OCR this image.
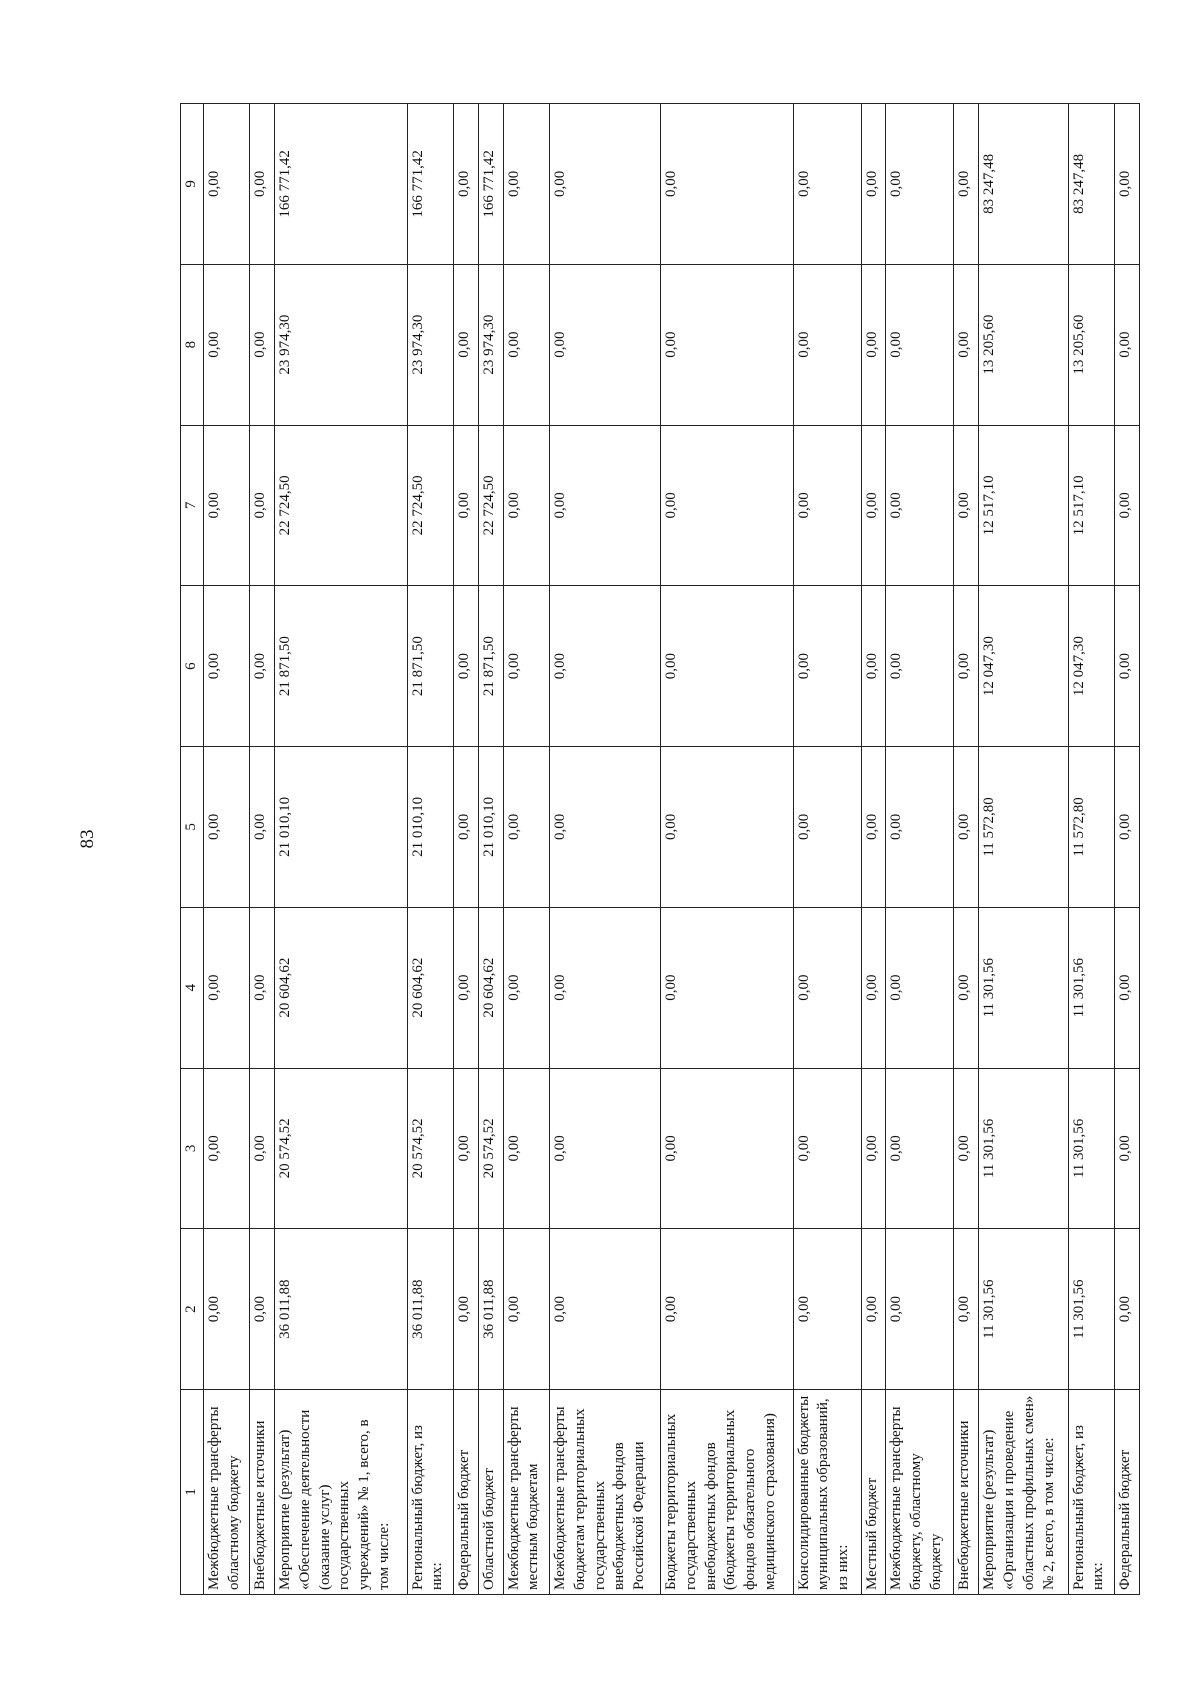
83
1	2	3	4	5	6	7	8	9
Межбюджетные трансферты областному бюджету	0,00	0,00	0,00	0,00	0,00	0,00	0,00	0,00
Внебюджетные источники	0,00	0,00	0,00	0,00	0,00	0,00	0,00	0,00
Мероприятие (результат) «Обеспечение деятельности (оказание услуг) государственных учреждений» № 1, всего, в том числе:	36 011,88	20 574,52	20 604,62	21 010,10	21 871,50	22 724,50	23 974,30	166 771,42
Региональный бюджет, из них:	36 011,88	20 574,52	20 604,62	21 010,10	21 871,50	22 724,50	23 974,30	166 771,42
Федеральный бюджет	0,00	0,00	0,00	0,00	0,00	0,00	0,00	0,00
Областной бюджет	36 011,88	20 574,52	20 604,62	21 010,10	21 871,50	22 724,50	23 974,30	166 771,42
Межбюджетные трансферты местным бюджетам	0,00	0,00	0,00	0,00	0,00	0,00	0,00	0,00
Межбюджетные трансферты бюджетам территориальных государственных внебюджетных фондов Российской Федерации	0,00	0,00	0,00	0,00	0,00	0,00	0,00	0,00
Бюджеты территориальных государственных внебюджетных фондов (бюджеты территориальных фондов обязательного медицинского страхования)	0,00	0,00	0,00	0,00	0,00	0,00	0,00	0,00
Консолидированные бюджеты муниципальных образований, из них:	0,00	0,00	0,00	0,00	0,00	0,00	0,00	0,00
Местный бюджет	0,00	0,00	0,00	0,00	0,00	0,00	0,00	0,00
Межбюджетные трансферты бюджету, областному бюджету	0,00	0,00	0,00	0,00	0,00	0,00	0,00	0,00
Внебюджетные источники	0,00	0,00	0,00	0,00	0,00	0,00	0,00	0,00
Мероприятие (результат) «Организация и проведение областных профильных смен» № 2, всего, в том числе:	11 301,56	11 301,56	11 301,56	11 572,80	12 047,30	12 517,10	13 205,60	83 247,48
Региональный бюджет, из них:	11 301,56	11 301,56	11 301,56	11 572,80	12 047,30	12 517,10	13 205,60	83 247,48
Федеральный бюджет	0,00	0,00	0,00	0,00	0,00	0,00	0,00	0,00
